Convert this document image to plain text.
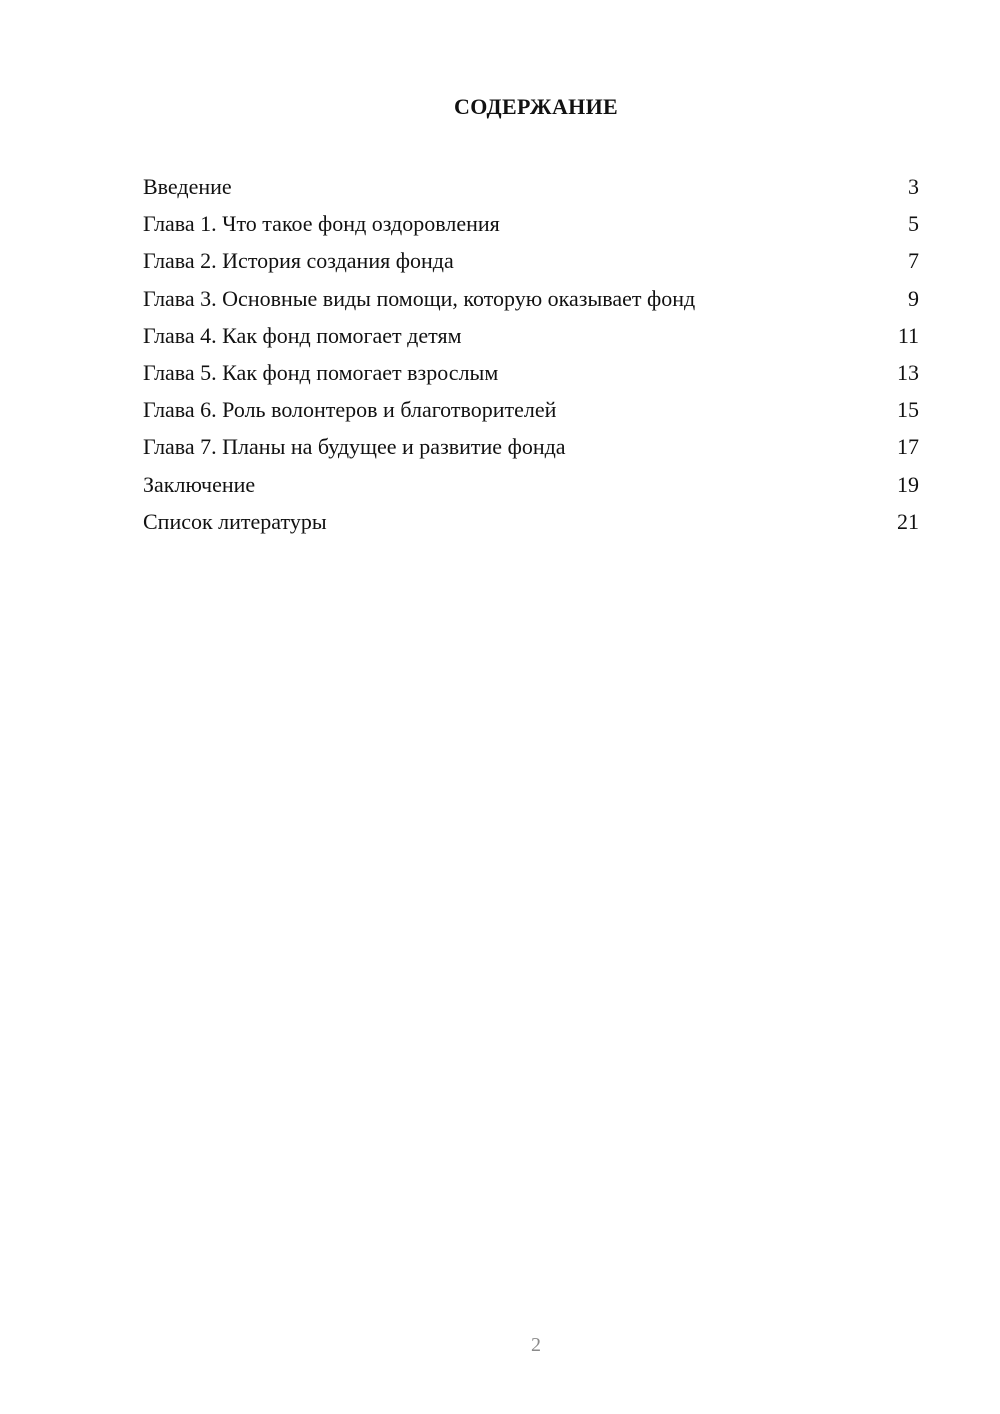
СОДЕРЖАНИЕ
Введение	3
Глава 1. Что такое фонд оздоровления	5
Глава 2. История создания фонда	7
Глава 3. Основные виды помощи, которую оказывает фонд	9
Глава 4. Как фонд помогает детям	11
Глава 5. Как фонд помогает взрослым	13
Глава 6. Роль волонтеров и благотворителей	15
Глава 7. Планы на будущее и развитие фонда	17
Заключение	19
Список литературы	21
2
